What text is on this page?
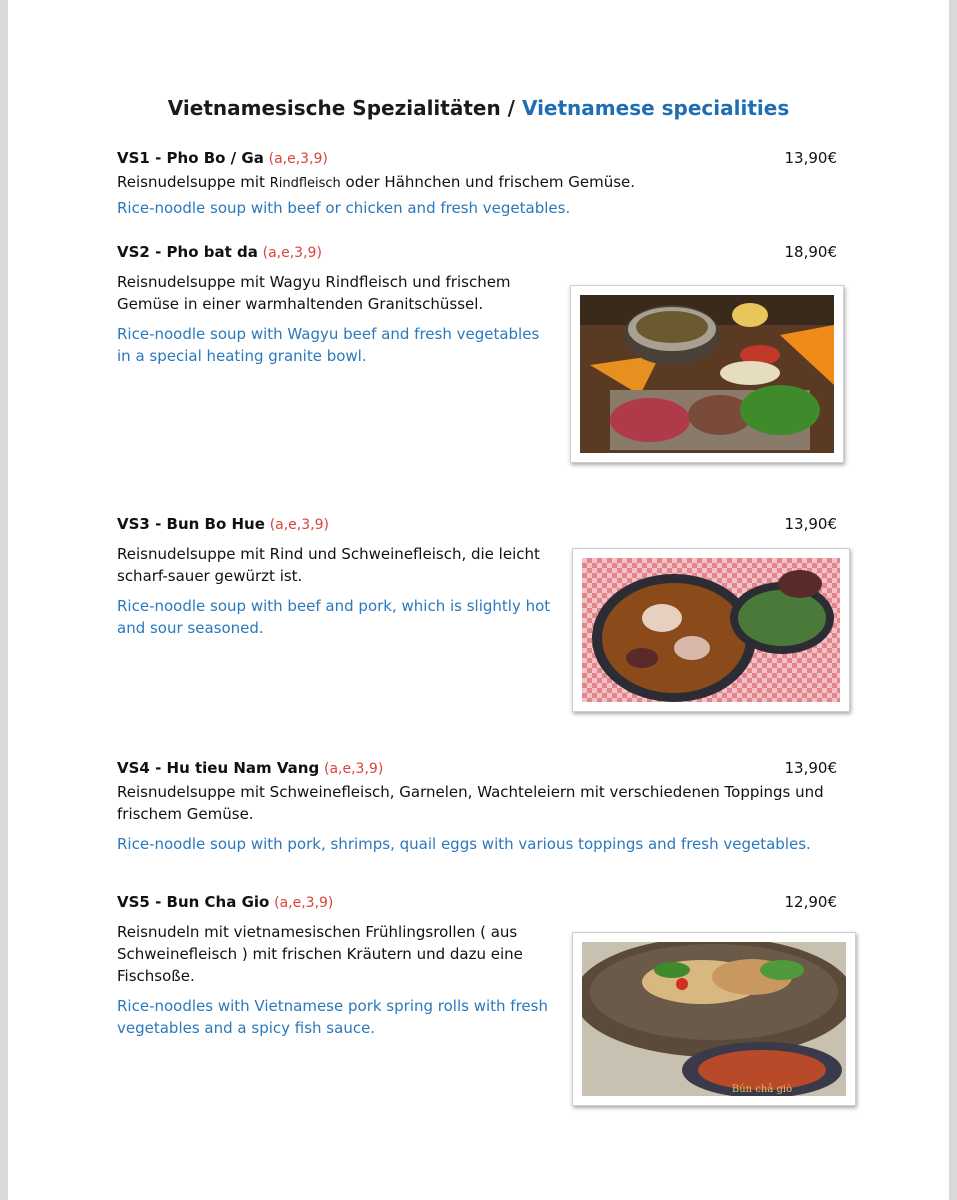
Vietnamesische Spezialitäten / Vietnamese specialities
VS1 - Pho Bo / Ga (a,e,3,9)	13,90€

Reisnudelsuppe mit Rindfleisch oder Hähnchen und frischem Gemüse.

Rice-noodle soup with beef or chicken and fresh vegetables.

VS2 - Pho bat da (a,e,3,9)	18,90€

Reisnudelsuppe mit Wagyu Rindfleisch und frischem Gemüse in einer warmhaltenden Granitschüssel.

Rice-noodle soup with Wagyu beef and fresh vegetables in a special heating granite bowl.

VS3 - Bun Bo Hue (a,e,3,9)	13,90€

Reisnudelsuppe mit Rind und Schweinefleisch, die leicht scharf-sauer gewürzt ist.

Rice-noodle soup with beef and pork, which is slightly hot and sour seasoned.

VS4 - Hu tieu Nam Vang (a,e,3,9)	13,90€

Reisnudelsuppe mit Schweinefleisch, Garnelen, Wachteleiern mit verschiedenen Toppings und frischem Gemüse.

Rice-noodle soup with pork, shrimps, quail eggs with various toppings and fresh vegetables.

VS5 - Bun Cha Gio (a,e,3,9)	12,90€

Reisnudeln mit vietnamesischen Frühlingsrollen ( aus Schweinefleisch ) mit frischen Kräutern und dazu eine Fischsoße.

Rice-noodles with Vietnamese pork spring rolls with fresh vegetables and a spicy fish sauce.

Bún chả giò
